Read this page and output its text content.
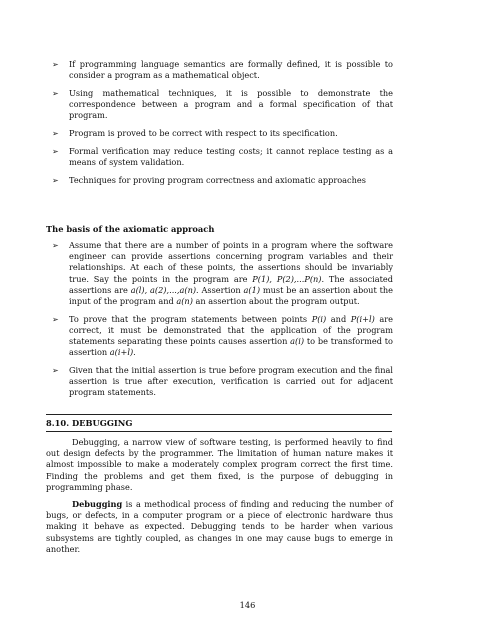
➢ If programming language semantics are formally defined, it is possible to consider a program as a mathematical object.
➢ Using mathematical techniques, it is possible to demonstrate the correspondence between a program and a formal specification of that program.
➢ Program is proved to be correct with respect to its specification.
➢ Formal verification may reduce testing costs; it cannot replace testing as a means of system validation.
➢ Techniques for proving program correctness and axiomatic approaches
The basis of the axiomatic approach
➢ Assume that there are a number of points in a program where the software engineer can provide assertions concerning program variables and their relationships. At each of these points, the assertions should be invariably true. Say the points in the program are P(1), P(2),...P(n). The associated assertions are a(l), a(2),...,a(n). Assertion a(1) must be an assertion about the input of the program and a(n) an assertion about the program output.
➢ To prove that the program statements between points P(i) and P(i+l) are correct, it must be demonstrated that the application of the program statements separating these points causes assertion a(i) to be transformed to assertion a(i+l).
➢ Given that the initial assertion is true before program execution and the final assertion is true after execution, verification is carried out for adjacent program statements.
8.10. DEBUGGING

Debugging, a narrow view of software testing, is performed heavily to find out design defects by the programmer. The limitation of human nature makes it almost impossible to make a moderately complex program correct the first time. Finding the problems and get them fixed, is the purpose of debugging in programming phase.

Debugging is a methodical process of finding and reducing the number of bugs, or defects, in a computer program or a piece of electronic hardware thus making it behave as expected. Debugging tends to be harder when various subsystems are tightly coupled, as changes in one may cause bugs to emerge in another.

146
